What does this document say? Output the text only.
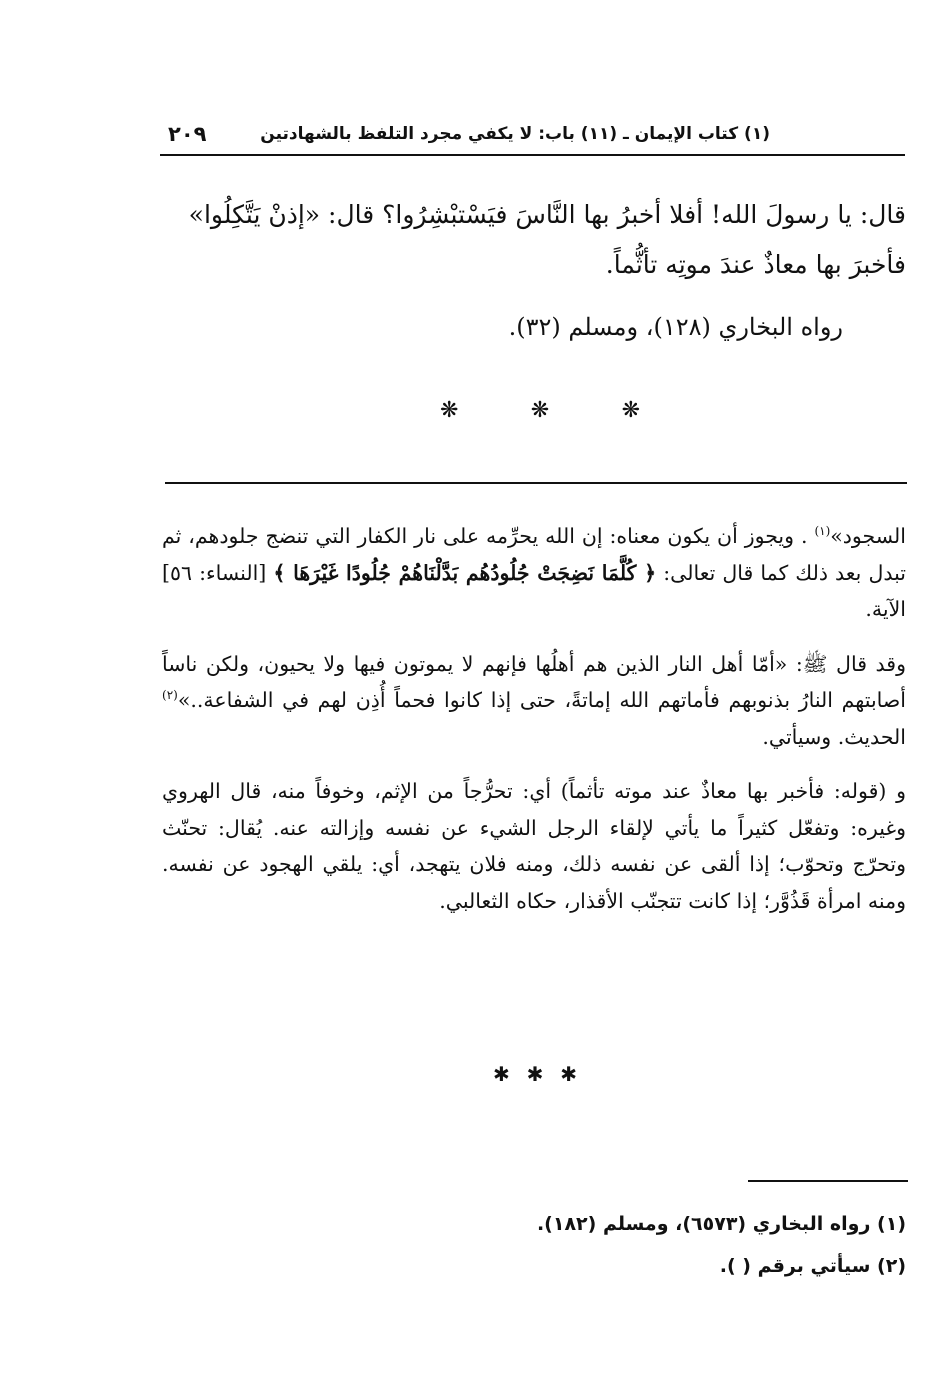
(١) كتاب الإيمان ـ (١١) باب: لا يكفي مجرد التلفظ بالشهادتين
٢٠٩

قال: يا رسولَ الله! أفلا أخبرُ بها النَّاسَ فيَسْتبْشِرُوا؟ قال: «إذنْ يَتَّكِلُوا»

فأخبرَ بها معاذٌ عندَ موتِه تأثُّماً.

رواه البخاري (١٢٨)، ومسلم (٣٢).
❋	❋	❋

السجود»$^{(١)}$ . ويجوز أن يكون معناه: إن الله يحرِّمه على نار الكفار التي تنضج جلودهم، ثم تبدل بعد ذلك كما قال تعالى: ﴿ كُلَّمَا نَضِجَتْ جُلُودُهُم بَدَّلْنَاهُمْ جُلُودًا غَيْرَهَا ﴾ [النساء: ٥٦] الآية.

وقد قال ﷺ: «أمّا أهل النار الذين هم أهلُها فإنهم لا يموتون فيها ولا يحيون، ولكن ناساً أصابتهم النارُ بذنوبهم فأماتهم الله إماتةً، حتى إذا كانوا فحماً أُذِن لهم في الشفاعة..»$^{(٢)}$ الحديث. وسيأتي.

و (قوله: فأخبر بها معاذٌ عند موته تأثماً) أي: تحرُّجاً من الإثم، وخوفاً منه، قال الهروي وغيره: وتفعّل كثيراً ما يأتي لإلقاء الرجل الشيء عن نفسه وإزالته عنه. يُقال: تحنّث وتحرّج وتحوّب؛ إذا ألقى عن نفسه ذلك، ومنه فلان يتهجد، أي: يلقي الهجود عن نفسه. ومنه امرأة قَذُوَّر؛ إذا كانت تتجنّب الأقذار، حكاه الثعالبي.

✱ ✱ ✱

(١) رواه البخاري (٦٥٧٣)، ومسلم (١٨٢).

(٢) سيأتي برقم ( ).
